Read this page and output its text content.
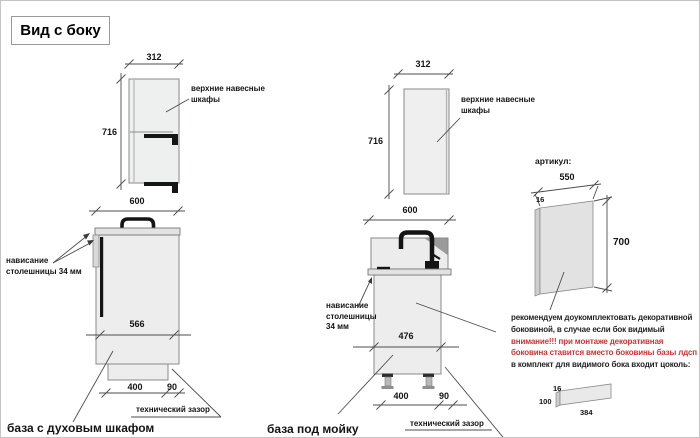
Вид с боку
312
716
верхние навесные
шкафы
600
нависание
столешницы 34 мм
566
400	90
технический зазор
база с духовым шкафом
312
716
верхние навесные
шкафы
600
нависание
столешницы
34 мм
476
400	90
технический зазор
база под мойку
артикул:
550
16
700
рекомендуем доукомплектовать декоративной
боковиной, в случае если бок видимый
внимание!!! при монтаже декоративная
боковина ставится вместо боковины базы лдсп
в комплект для видимого бока входит цоколь:
16
100
384
